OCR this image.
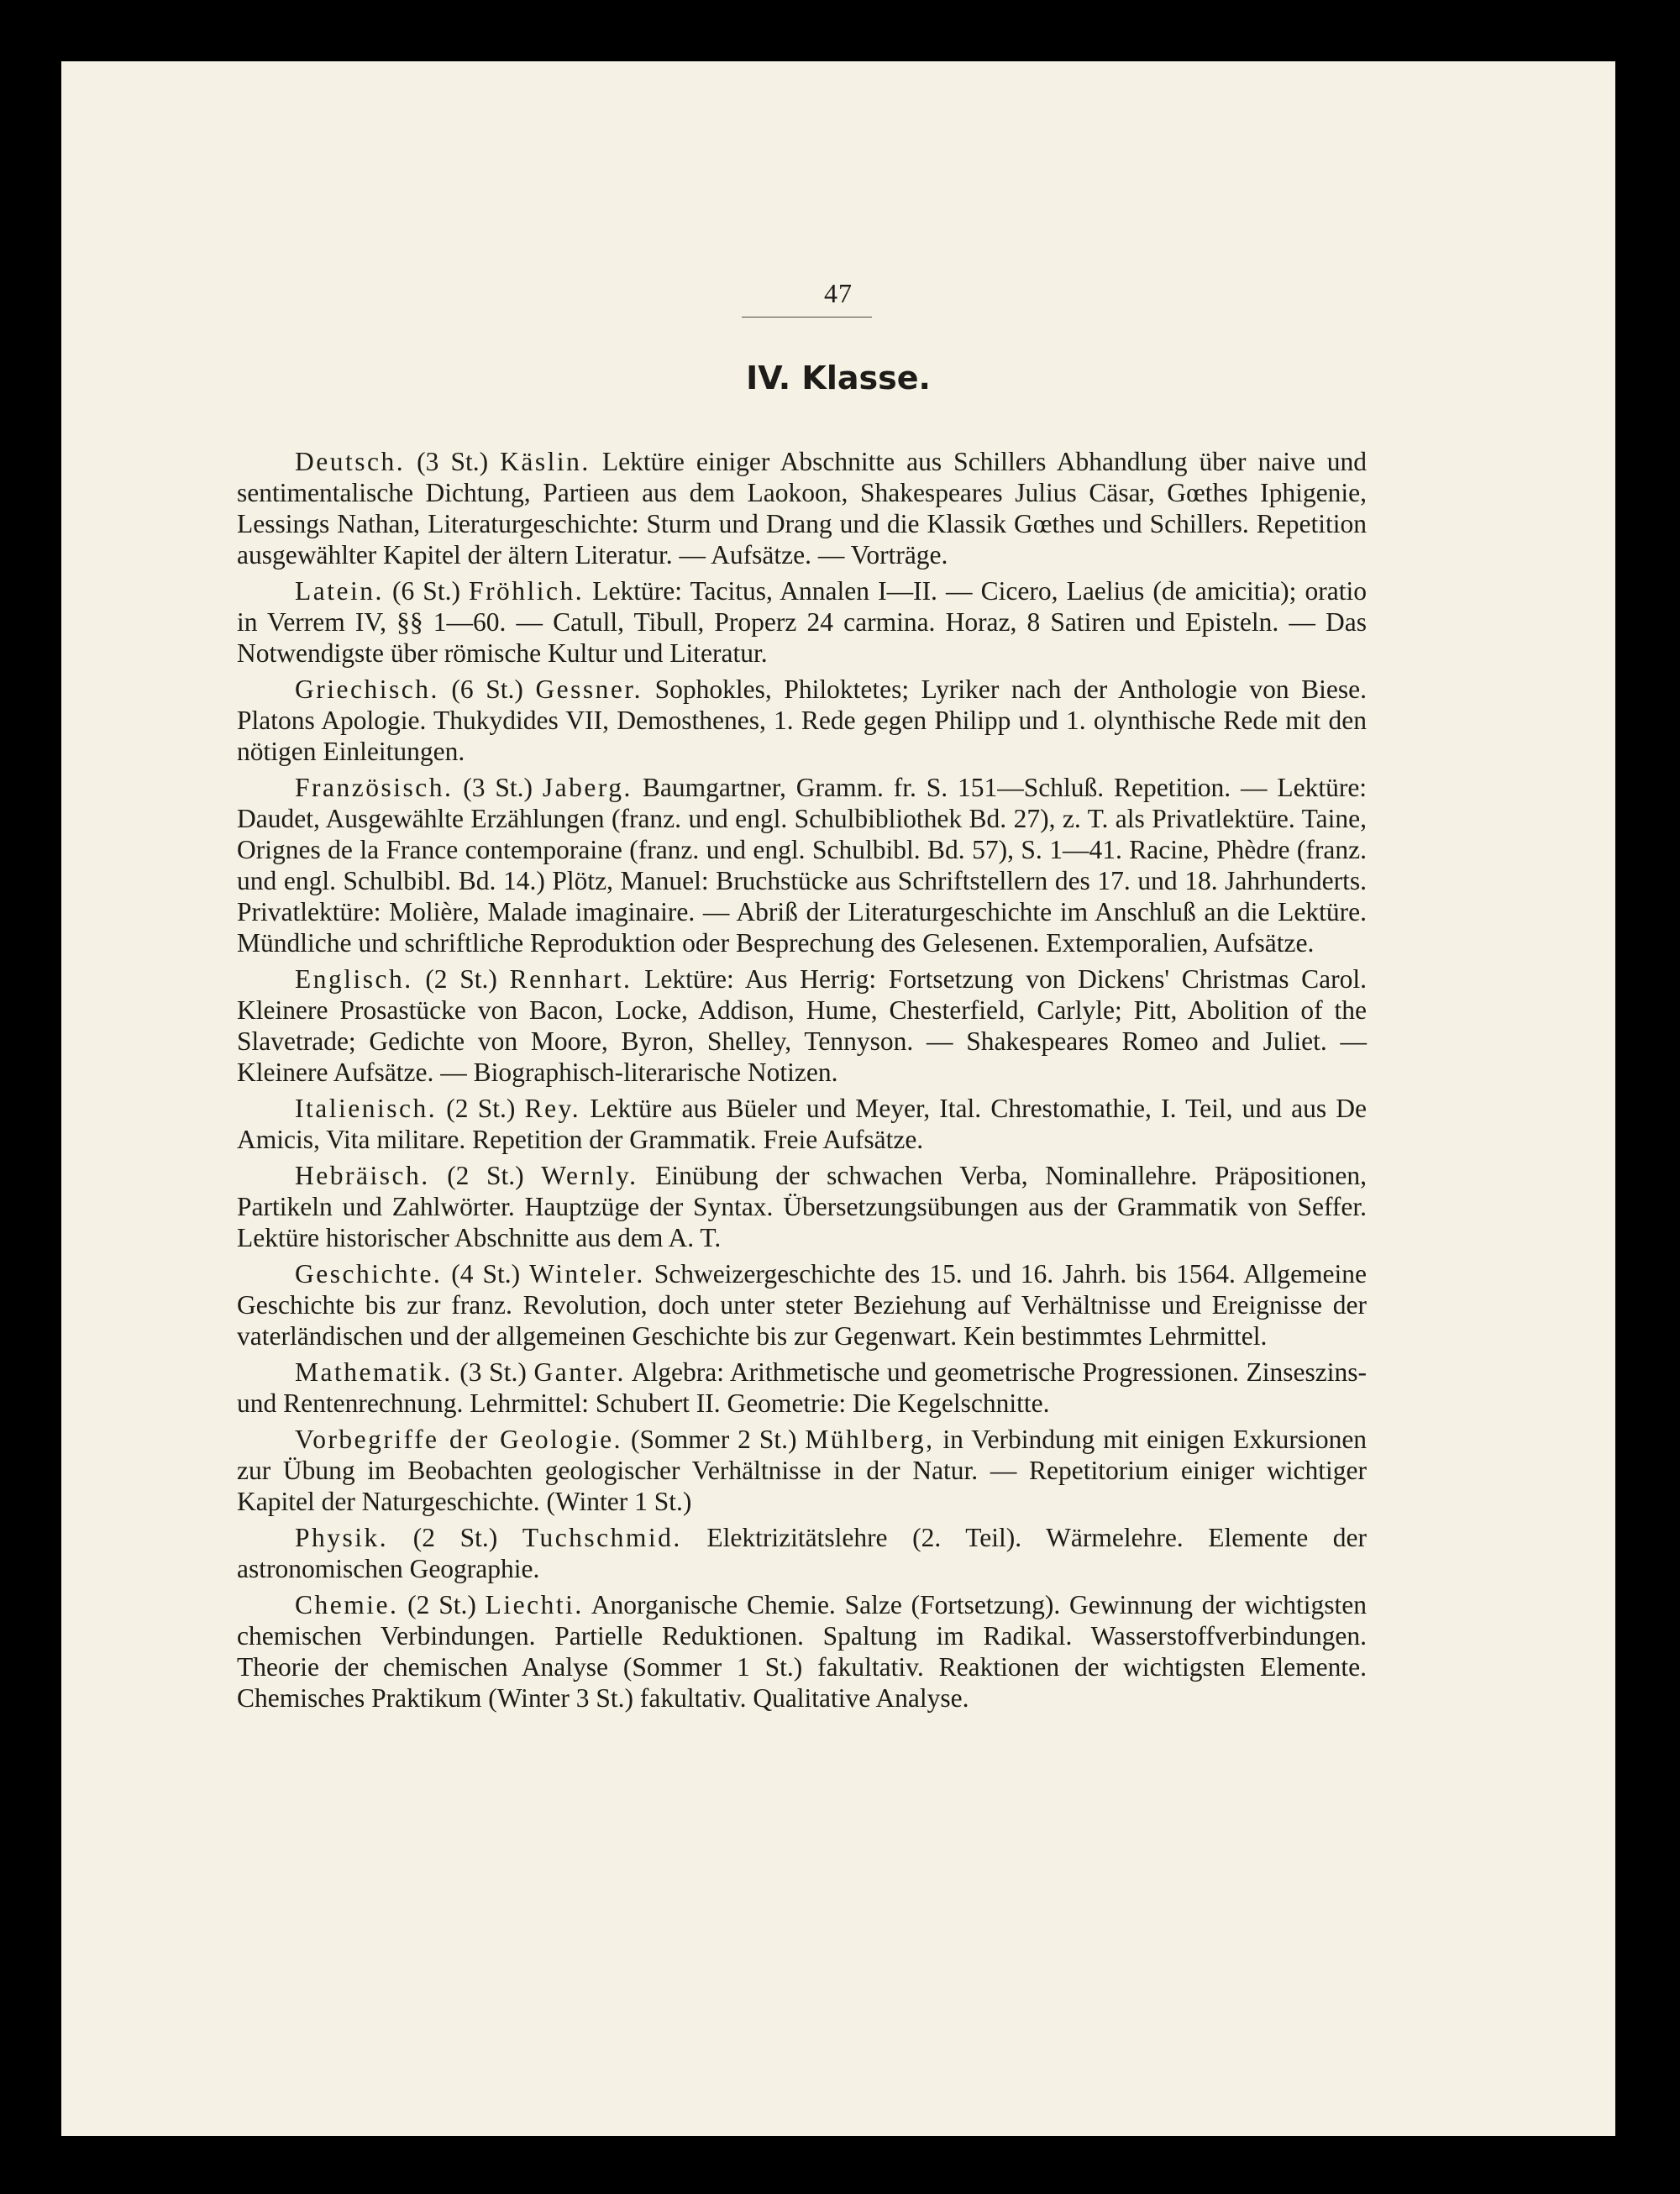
47
IV. Klasse.

Deutsch. (3 St.) Käslin. Lektüre einiger Abschnitte aus Schillers Abhandlung über naive und sentimentalische Dichtung, Partieen aus dem Laokoon, Shakespeares Julius Cäsar, Gœthes Iphigenie, Lessings Nathan, Literaturgeschichte: Sturm und Drang und die Klassik Gœthes und Schillers. Repetition ausgewählter Kapitel der ältern Literatur. — Aufsätze. — Vorträge.

Latein. (6 St.) Fröhlich. Lektüre: Tacitus, Annalen I—II. — Cicero, Laelius (de amicitia); oratio in Verrem IV, §§ 1—60. — Catull, Tibull, Properz 24 carmina. Horaz, 8 Satiren und Episteln. — Das Notwendigste über römische Kultur und Literatur.

Griechisch. (6 St.) Gessner. Sophokles, Philoktetes; Lyriker nach der Anthologie von Biese. Platons Apologie. Thukydides VII, Demosthenes, 1. Rede gegen Philipp und 1. olynthische Rede mit den nötigen Einleitungen.

Französisch. (3 St.) Jaberg. Baumgartner, Gramm. fr. S. 151—Schluß. Repetition. — Lektüre: Daudet, Ausgewählte Erzählungen (franz. und engl. Schulbibliothek Bd. 27), z. T. als Privatlektüre. Taine, Orignes de la France contemporaine (franz. und engl. Schulbibl. Bd. 57), S. 1—41. Racine, Phèdre (franz. und engl. Schulbibl. Bd. 14.) Plötz, Manuel: Bruchstücke aus Schriftstellern des 17. und 18. Jahrhunderts. Privatlektüre: Molière, Malade imaginaire. — Abriß der Literaturgeschichte im Anschluß an die Lektüre. Mündliche und schriftliche Reproduktion oder Besprechung des Gelesenen. Extemporalien, Aufsätze.

Englisch. (2 St.) Rennhart. Lektüre: Aus Herrig: Fortsetzung von Dickens' Christmas Carol. Kleinere Prosastücke von Bacon, Locke, Addison, Hume, Chesterfield, Carlyle; Pitt, Abolition of the Slavetrade; Gedichte von Moore, Byron, Shelley, Tennyson. — Shakespeares Romeo and Juliet. — Kleinere Aufsätze. — Biographisch-literarische Notizen.

Italienisch. (2 St.) Rey. Lektüre aus Büeler und Meyer, Ital. Chrestomathie, I. Teil, und aus De Amicis, Vita militare. Repetition der Grammatik. Freie Aufsätze.

Hebräisch. (2 St.) Wernly. Einübung der schwachen Verba, Nominallehre. Präpositionen, Partikeln und Zahlwörter. Hauptzüge der Syntax. Übersetzungsübungen aus der Grammatik von Seffer. Lektüre historischer Abschnitte aus dem A. T.

Geschichte. (4 St.) Winteler. Schweizergeschichte des 15. und 16. Jahrh. bis 1564. Allgemeine Geschichte bis zur franz. Revolution, doch unter steter Beziehung auf Verhältnisse und Ereignisse der vaterländischen und der allgemeinen Geschichte bis zur Gegenwart. Kein bestimmtes Lehrmittel.

Mathematik. (3 St.) Ganter. Algebra: Arithmetische und geometrische Progressionen. Zinseszins- und Rentenrechnung. Lehrmittel: Schubert II. Geometrie: Die Kegelschnitte.

Vorbegriffe der Geologie. (Sommer 2 St.) Mühlberg, in Verbindung mit einigen Exkursionen zur Übung im Beobachten geologischer Verhältnisse in der Natur. — Repetitorium einiger wichtiger Kapitel der Naturgeschichte. (Winter 1 St.)

Physik. (2 St.) Tuchschmid. Elektrizitätslehre (2. Teil). Wärmelehre. Elemente der astronomischen Geographie.

Chemie. (2 St.) Liechti. Anorganische Chemie. Salze (Fortsetzung). Gewinnung der wichtigsten chemischen Verbindungen. Partielle Reduktionen. Spaltung im Radikal. Wasserstoffverbindungen. Theorie der chemischen Analyse (Sommer 1 St.) fakultativ. Reaktionen der wichtigsten Elemente. Chemisches Praktikum (Winter 3 St.) fakultativ. Qualitative Analyse.
